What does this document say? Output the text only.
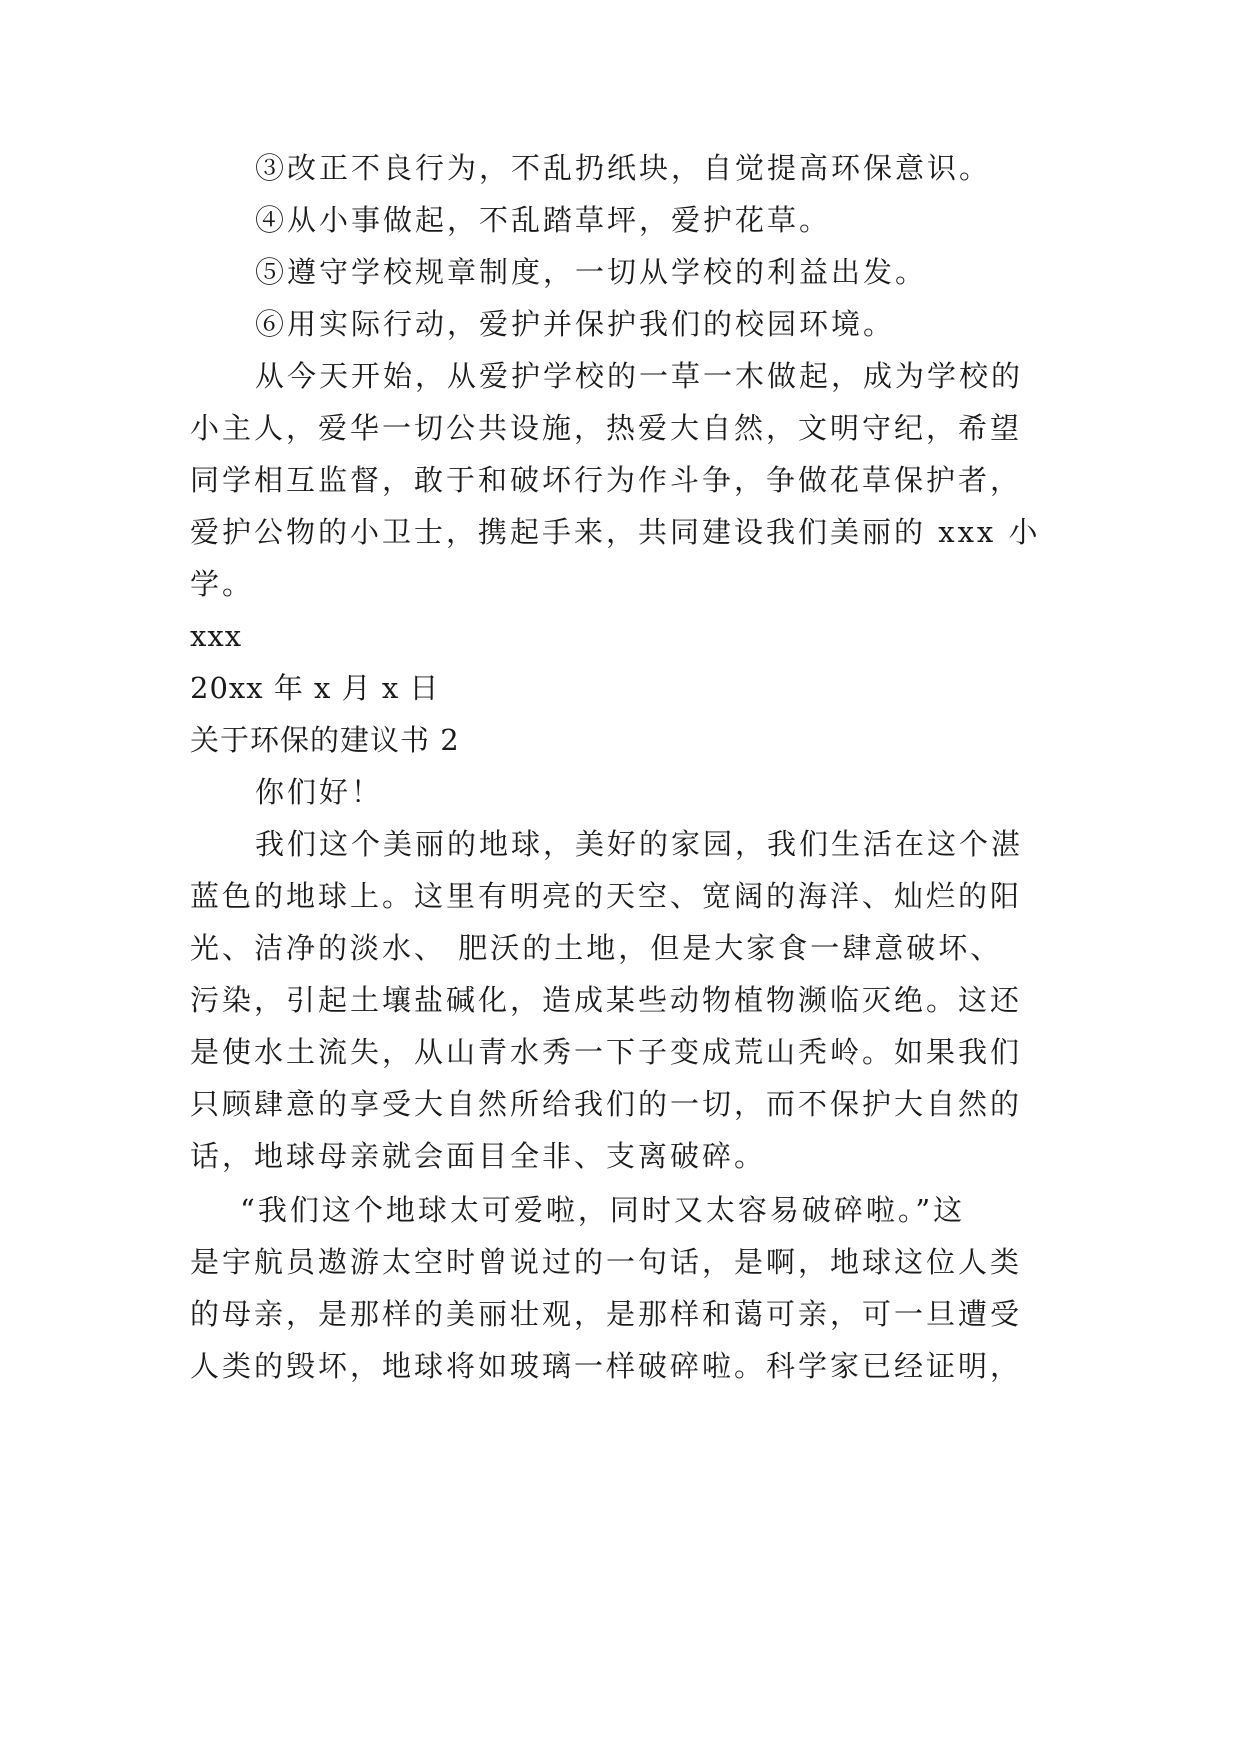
③改正不良行为，不乱扔纸块，自觉提高环保意识。
④从小事做起，不乱踏草坪，爱护花草。
⑤遵守学校规章制度，一切从学校的利益出发。
⑥用实际行动，爱护并保护我们的校园环境。
从今天开始，从爱护学校的一草一木做起，成为学校的
小主人，爱华一切公共设施，热爱大自然，文明守纪，希望
同学相互监督，敢于和破坏行为作斗争，争做花草保护者，
爱护公物的小卫士，携起手来，共同建设我们美丽的 xxx 小
学。
xxx
20xx 年 x 月 x 日
关于环保的建议书 2
你们好！
我们这个美丽的地球，美好的家园，我们生活在这个湛
蓝色的地球上。这里有明亮的天空、宽阔的海洋、灿烂的阳
光、洁净的淡水、 肥沃的土地，但是大家食一肆意破坏、
污染，引起土壤盐碱化，造成某些动物植物濒临灭绝。这还
是使水土流失，从山青水秀一下子变成荒山秃岭。如果我们
只顾肆意的享受大自然所给我们的一切，而不保护大自然的
话，地球母亲就会面目全非、支离破碎。
“我们这个地球太可爱啦，同时又太容易破碎啦。”这
是宇航员遨游太空时曾说过的一句话，是啊，地球这位人类
的母亲，是那样的美丽壮观，是那样和蔼可亲，可一旦遭受
人类的毁坏，地球将如玻璃一样破碎啦。科学家已经证明，
